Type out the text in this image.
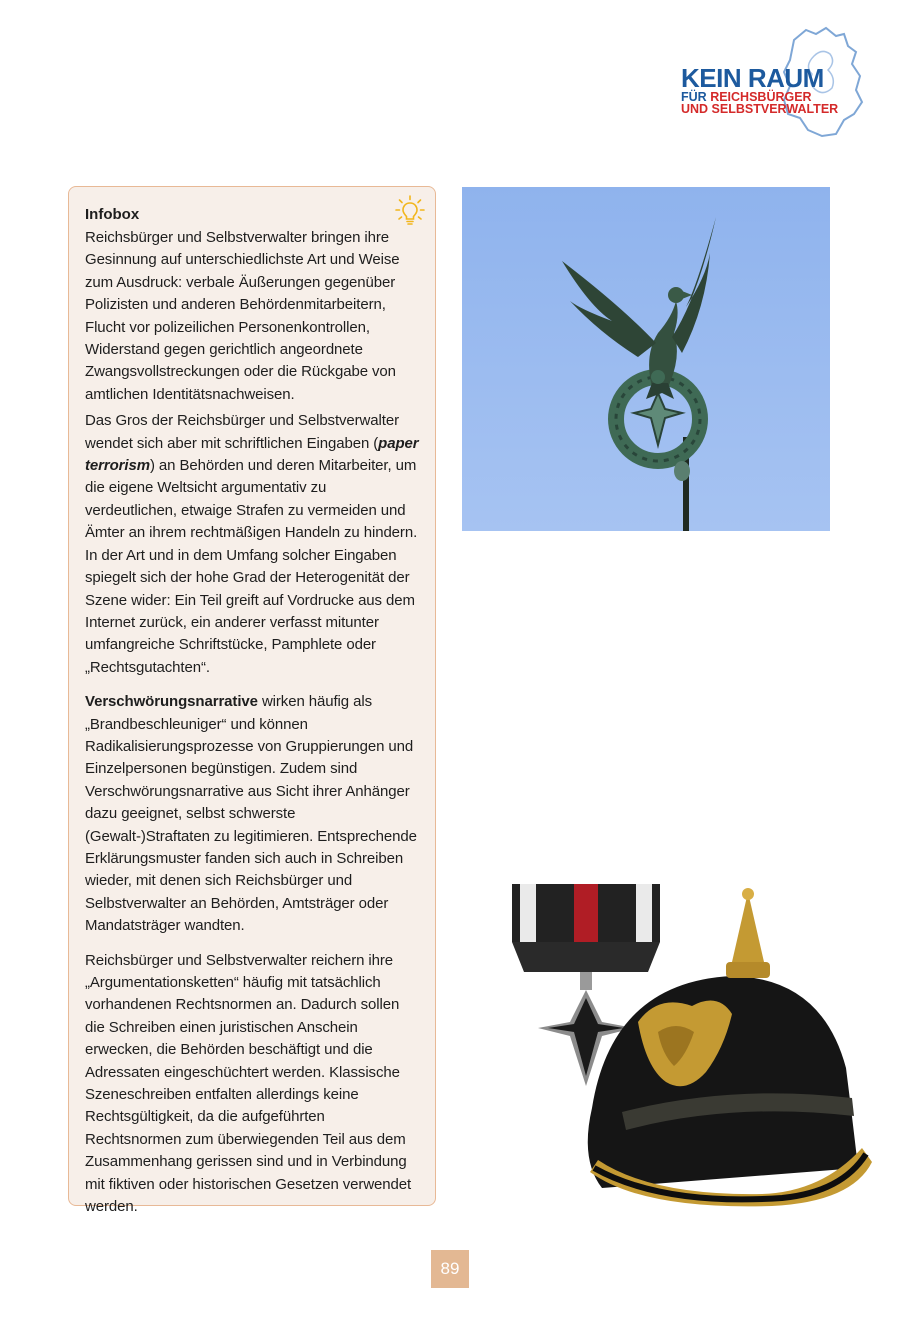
KEIN RAUM
FÜR REICHSBÜRGER
UND SELBSTVERWALTER
Infobox

Reichsbürger und Selbstverwalter bringen ihre Gesinnung auf unterschiedlichste Art und Weise zum Ausdruck: verbale Äußerungen gegenüber Polizisten und anderen Behördenmitarbeitern, Flucht vor polizeilichen Personenkontrollen, Widerstand gegen gerichtlich angeordnete Zwangsvollstreckungen oder die Rückgabe von amtlichen Identitätsnachweisen.

Das Gros der Reichsbürger und Selbstverwalter wendet sich aber mit schriftlichen Eingaben (paper terrorism) an Behörden und deren Mitarbeiter, um die eigene Weltsicht argumentativ zu verdeutlichen, etwaige Strafen zu vermeiden und Ämter an ihrem rechtmäßigen Handeln zu hindern. In der Art und in dem Umfang solcher Eingaben spiegelt sich der hohe Grad der Heterogenität der Szene wider: Ein Teil greift auf Vordrucke aus dem Internet zurück, ein anderer verfasst mitunter umfangreiche Schriftstücke, Pamphlete oder „Rechtsgutachten“.

Verschwörungsnarrative wirken häufig als „Brandbeschleuniger“ und können Radikalisierungsprozesse von Gruppierungen und Einzelpersonen begünstigen. Zudem sind Verschwörungsnarrative aus Sicht ihrer Anhänger dazu geeignet, selbst schwerste (Gewalt-)Straftaten zu legitimieren. Entsprechende Erklärungsmuster fanden sich auch in Schreiben wieder, mit denen sich Reichsbürger und Selbstverwalter an Behörden, Amtsträger oder Mandatsträger wandten.

Reichsbürger und Selbstverwalter reichern ihre „Argumentationsketten“ häufig mit tatsächlich vorhandenen Rechtsnormen an. Dadurch sollen die Schreiben einen juristischen Anschein erwecken, die Behörden beschäftigt und die Adressaten eingeschüchtert werden. Klassische Szeneschreiben entfalten allerdings keine Rechtsgültigkeit, da die aufgeführten Rechtsnormen zum überwiegenden Teil aus dem Zusammenhang gerissen sind und in Verbindung mit fiktiven oder historischen Gesetzen verwendet werden.

89
